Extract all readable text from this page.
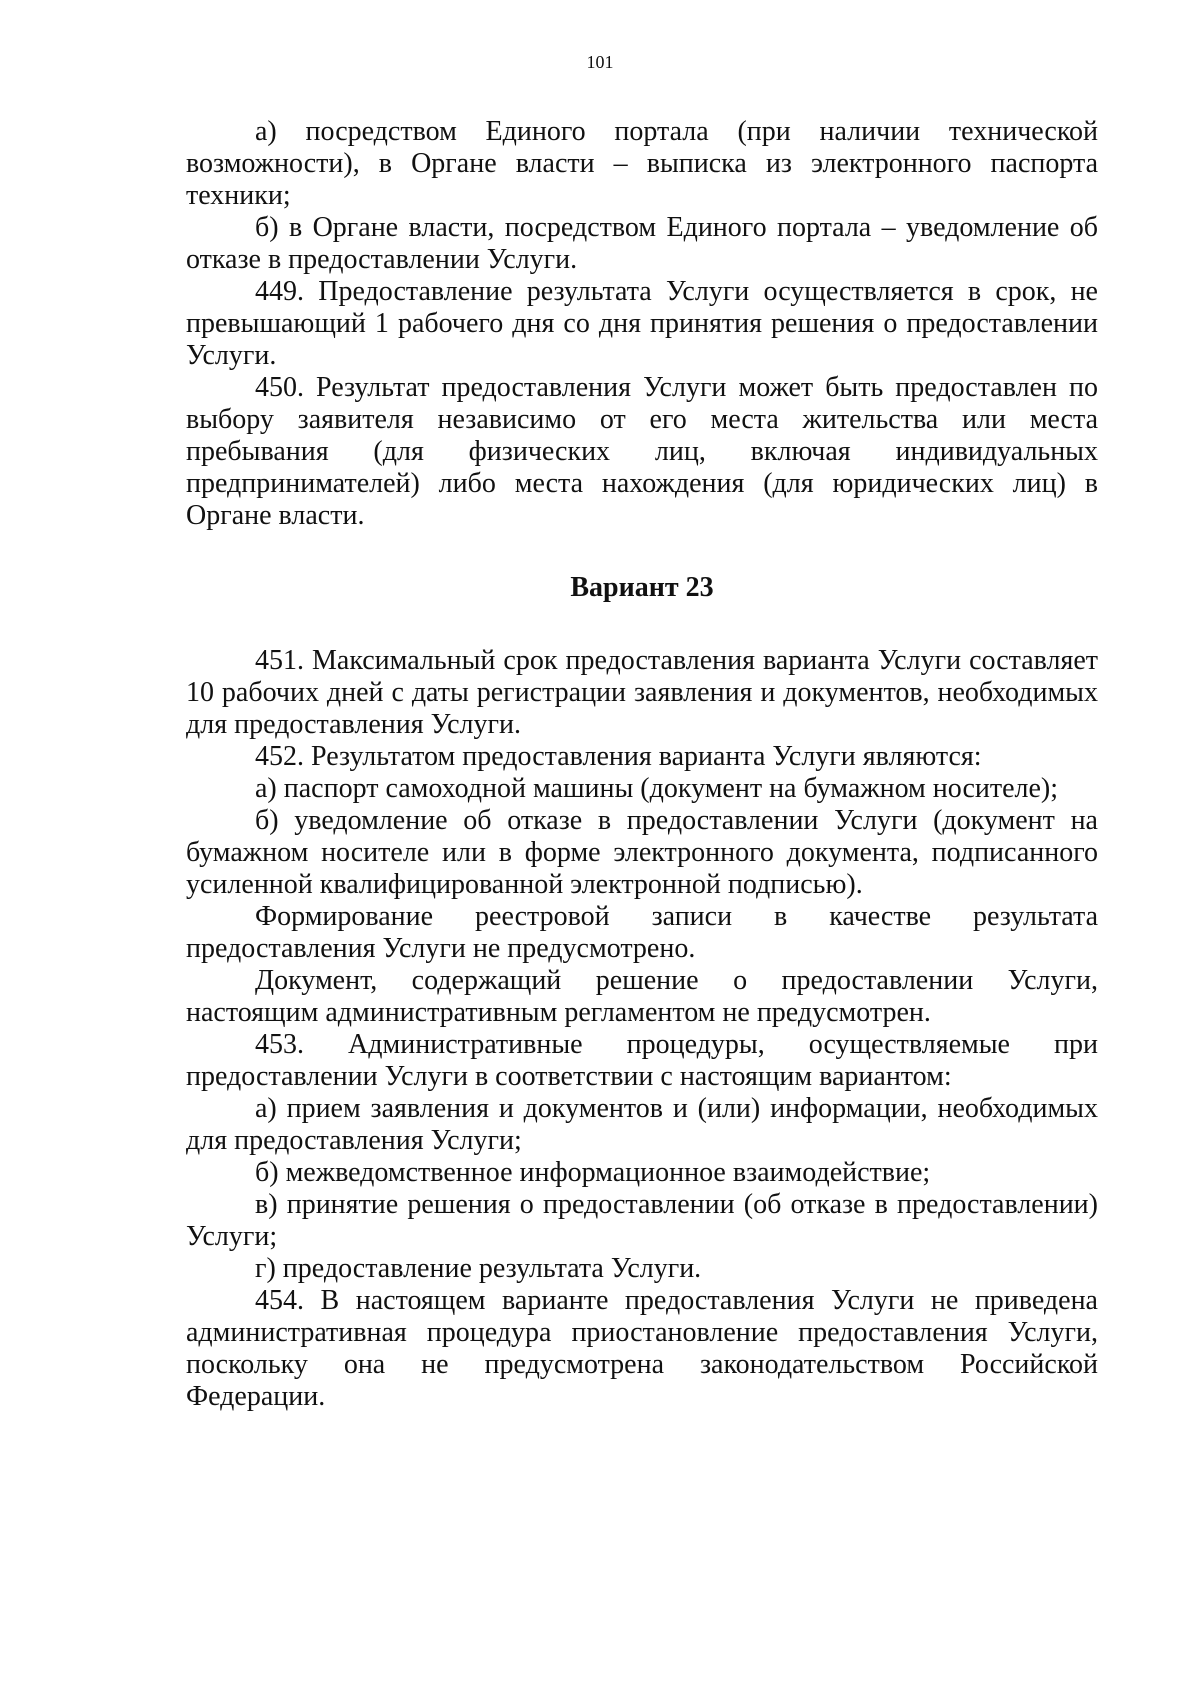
101

а) посредством Единого портала (при наличии технической возможности), в Органе власти – выписка из электронного паспорта техники;

б) в Органе власти, посредством Единого портала – уведомление об отказе в предоставлении Услуги.

449. Предоставление результата Услуги осуществляется в срок, не превышающий 1 рабочего дня со дня принятия решения о предоставлении Услуги.

450. Результат предоставления Услуги может быть предоставлен по выбору заявителя независимо от его места жительства или места пребывания (для физических лиц, включая индивидуальных предпринимателей) либо места нахождения (для юридических лиц) в Органе власти.

Вариант 23

451. Максимальный срок предоставления варианта Услуги составляет 10 рабочих дней с даты регистрации заявления и документов, необходимых для предоставления Услуги.

452. Результатом предоставления варианта Услуги являются:

а) паспорт самоходной машины (документ на бумажном носителе);

б) уведомление об отказе в предоставлении Услуги (документ на бумажном носителе или в форме электронного документа, подписанного усиленной квалифицированной электронной подписью).

Формирование реестровой записи в качестве результата предоставления Услуги не предусмотрено.

Документ, содержащий решение о предоставлении Услуги, настоящим административным регламентом не предусмотрен.

453. Административные процедуры, осуществляемые при предоставлении Услуги в соответствии с настоящим вариантом:

а) прием заявления и документов и (или) информации, необходимых для предоставления Услуги;

б) межведомственное информационное взаимодействие;

в) принятие решения о предоставлении (об отказе в предоставлении) Услуги;

г) предоставление результата Услуги.

454. В настоящем варианте предоставления Услуги не приведена административная процедура приостановление предоставления Услуги, поскольку она не предусмотрена законодательством Российской Федерации.
